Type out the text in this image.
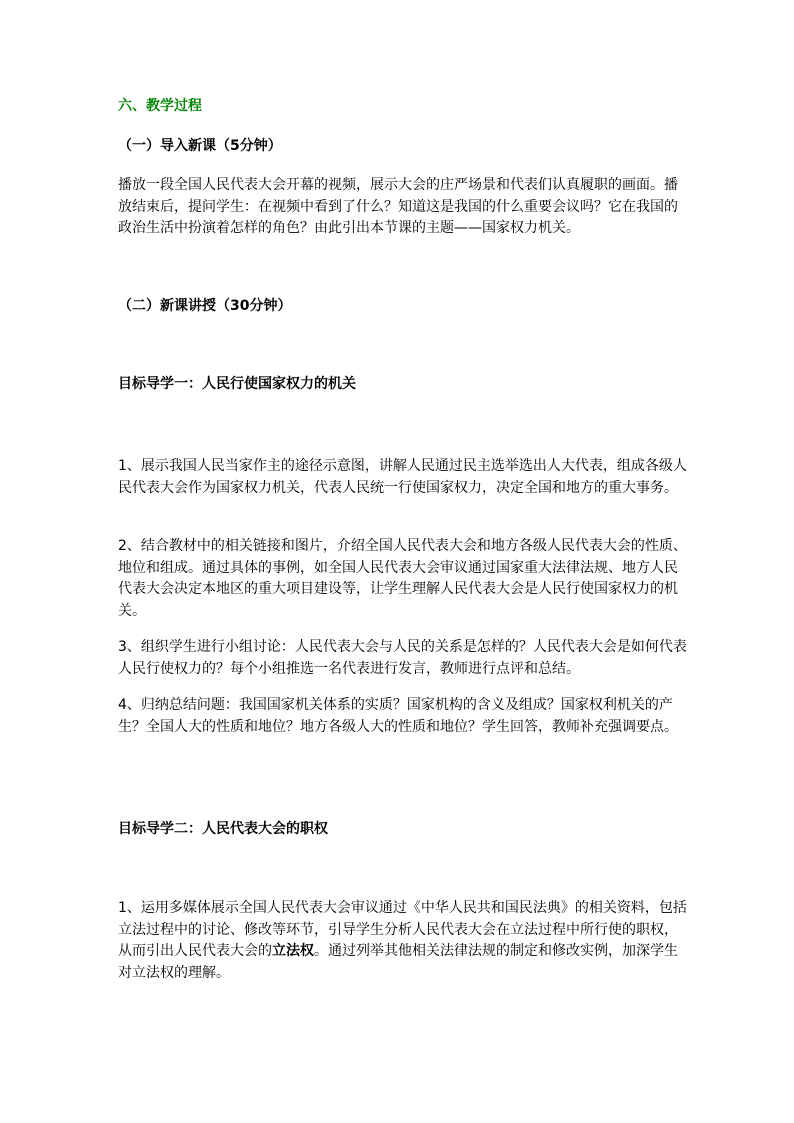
六、教学过程
（一）导入新课（5分钟）

播放一段全国人民代表大会开幕的视频，展示大会的庄严场景和代表们认真履职的画面。播放结束后，提问学生：在视频中看到了什么？知道这是我国的什么重要会议吗？它在我国的政治生活中扮演着怎样的角色？由此引出本节课的主题——国家权力机关。

（二）新课讲授（30分钟）
目标导学一：人民行使国家权力的机关

1、展示我国人民当家作主的途径示意图，讲解人民通过民主选举选出人大代表，组成各级人民代表大会作为国家权力机关，代表人民统一行使国家权力，决定全国和地方的重大事务。

2、结合教材中的相关链接和图片，介绍全国人民代表大会和地方各级人民代表大会的性质、地位和组成。通过具体的事例，如全国人民代表大会审议通过国家重大法律法规、地方人民代表大会决定本地区的重大项目建设等，让学生理解人民代表大会是人民行使国家权力的机关。

3、组织学生进行小组讨论：人民代表大会与人民的关系是怎样的？人民代表大会是如何代表人民行使权力的？每个小组推选一名代表进行发言，教师进行点评和总结。

4、归纳总结问题：我国国家机关体系的实质？国家机构的含义及组成？国家权利机关的产生？全国人大的性质和地位？地方各级人大的性质和地位？学生回答，教师补充强调要点。

目标导学二：人民代表大会的职权

1、运用多媒体展示全国人民代表大会审议通过《中华人民共和国民法典》的相关资料，包括立法过程中的讨论、修改等环节，引导学生分析人民代表大会在立法过程中所行使的职权，从而引出人民代表大会的立法权。通过列举其他相关法律法规的制定和修改实例，加深学生对立法权的理解。
